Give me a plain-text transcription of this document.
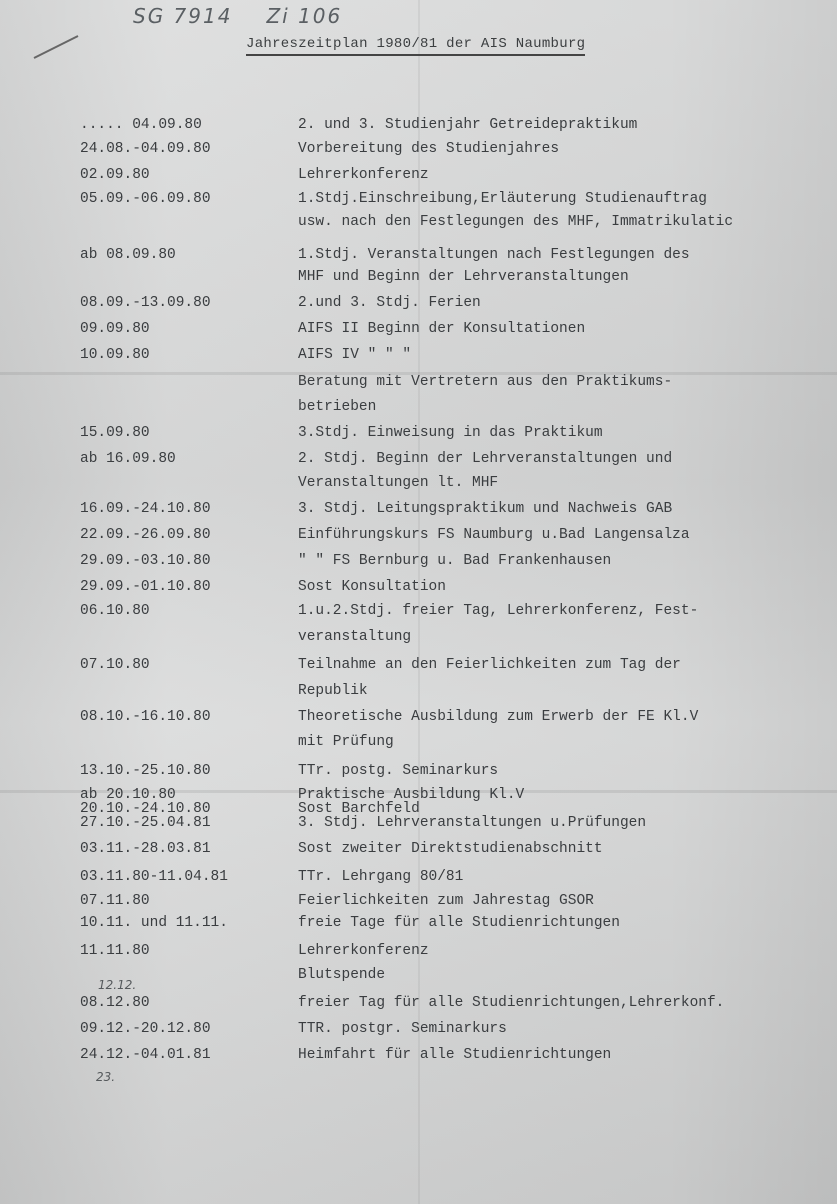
SG 7914 Zi 106
Jahreszeitplan 1980/81 der AIS Naumburg
..... 04.09.80	2. und 3. Studienjahr Getreidepraktikum
24.08.-04.09.80	Vorbereitung des Studienjahres
02.09.80	Lehrerkonferenz
05.09.-06.09.80	1.Stdj.Einschreibung,Erläuterung Studienauftrag
usw. nach den Festlegungen des MHF, Immatrikulatic
ab 08.09.80	1.Stdj. Veranstaltungen nach Festlegungen des
MHF und Beginn der Lehrveranstaltungen
08.09.-13.09.80	2.und 3. Stdj. Ferien
09.09.80	AIFS II Beginn der Konsultationen
10.09.80	AIFS IV " " "
Beratung mit Vertretern aus den Praktikums-
betrieben
15.09.80	3.Stdj. Einweisung in das Praktikum
ab 16.09.80	2. Stdj. Beginn der Lehrveranstaltungen und
Veranstaltungen lt. MHF
16.09.-24.10.80	3. Stdj. Leitungspraktikum und Nachweis GAB
22.09.-26.09.80	Einführungskurs FS Naumburg u.Bad Langensalza
29.09.-03.10.80	" " FS Bernburg u. Bad Frankenhausen
29.09.-01.10.80	Sost Konsultation
06.10.80	1.u.2.Stdj. freier Tag, Lehrerkonferenz, Fest-
veranstaltung
07.10.80	Teilnahme an den Feierlichkeiten zum Tag der
Republik
08.10.-16.10.80	Theoretische Ausbildung zum Erwerb der FE Kl.V
mit Prüfung
13.10.-25.10.80	TTr. postg. Seminarkurs
ab 20.10.80	Praktische Ausbildung Kl.V
20.10.-24.10.80	Sost Barchfeld
27.10.-25.04.81	3. Stdj. Lehrveranstaltungen u.Prüfungen
03.11.-28.03.81	Sost zweiter Direktstudienabschnitt
03.11.80-11.04.81	TTr. Lehrgang 80/81
07.11.80	Feierlichkeiten zum Jahrestag GSOR
10.11. und 11.11.	freie Tage für alle Studienrichtungen
11.11.80	Lehrerkonferenz
Blutspende
08.12.80	freier Tag für alle Studienrichtungen,Lehrerkonf.
09.12.-20.12.80	TTR. postgr. Seminarkurs
24.12.-04.01.81	Heimfahrt für alle Studienrichtungen
12.12.
23.
